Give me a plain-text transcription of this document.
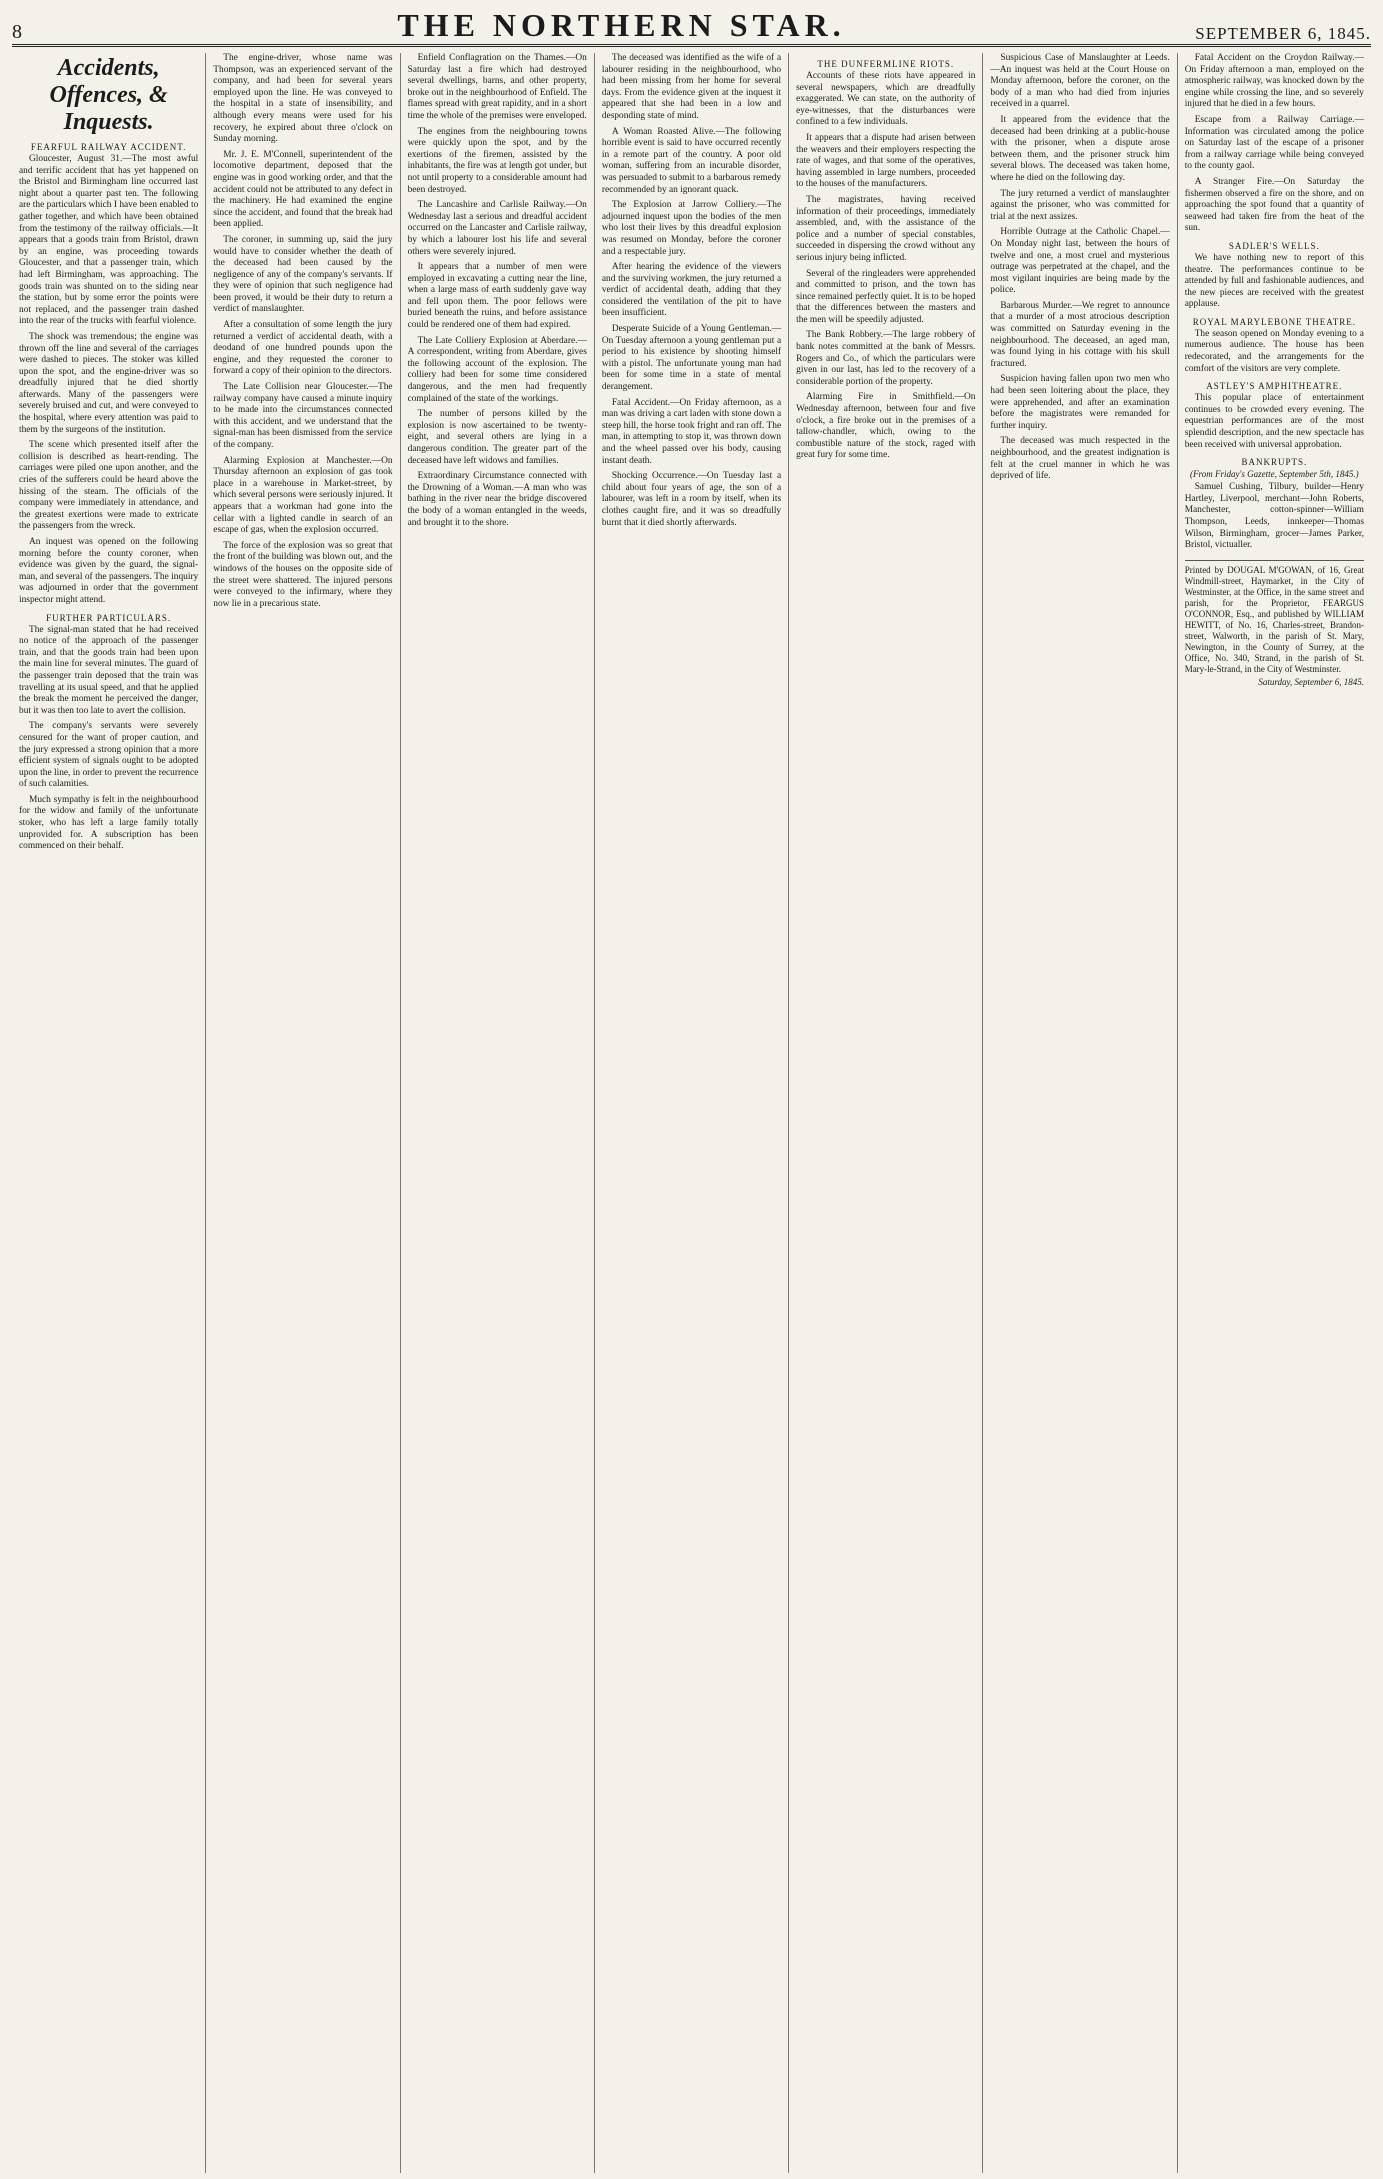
8	THE NORTHERN STAR.	SEPTEMBER 6, 1845.
Accidents, Offences, & Inquests.
FEARFUL RAILWAY ACCIDENT.

Gloucester, August 31.—The most awful and terrific accident that has yet happened on the Bristol and Birmingham line occurred last night about a quarter past ten. The following are the particulars which I have been enabled to gather together, and which have been obtained from the testimony of the railway officials.—It appears that a goods train from Bristol, drawn by an engine, was proceeding towards Gloucester, and that a passenger train, which had left Birmingham, was approaching. The goods train was shunted on to the siding near the station, but by some error the points were not replaced, and the passenger train dashed into the rear of the trucks with fearful violence.

The shock was tremendous; the engine was thrown off the line and several of the carriages were dashed to pieces. The stoker was killed upon the spot, and the engine-driver was so dreadfully injured that he died shortly afterwards. Many of the passengers were severely bruised and cut, and were conveyed to the hospital, where every attention was paid to them by the surgeons of the institution.

The scene which presented itself after the collision is described as heart-rending. The carriages were piled one upon another, and the cries of the sufferers could be heard above the hissing of the steam. The officials of the company were immediately in attendance, and the greatest exertions were made to extricate the passengers from the wreck.

An inquest was opened on the following morning before the county coroner, when evidence was given by the guard, the signal-man, and several of the passengers. The inquiry was adjourned in order that the government inspector might attend.

FURTHER PARTICULARS.

The signal-man stated that he had received no notice of the approach of the passenger train, and that the goods train had been upon the main line for several minutes. The guard of the passenger train deposed that the train was travelling at its usual speed, and that he applied the break the moment he perceived the danger, but it was then too late to avert the collision.

The company's servants were severely censured for the want of proper caution, and the jury expressed a strong opinion that a more efficient system of signals ought to be adopted upon the line, in order to prevent the recurrence of such calamities.

Much sympathy is felt in the neighbourhood for the widow and family of the unfortunate stoker, who has left a large family totally unprovided for. A subscription has been commenced on their behalf.

The engine-driver, whose name was Thompson, was an experienced servant of the company, and had been for several years employed upon the line. He was conveyed to the hospital in a state of insensibility, and although every means were used for his recovery, he expired about three o'clock on Sunday morning.

Mr. J. E. M'Connell, superintendent of the locomotive department, deposed that the engine was in good working order, and that the accident could not be attributed to any defect in the machinery. He had examined the engine since the accident, and found that the break had been applied.

The coroner, in summing up, said the jury would have to consider whether the death of the deceased had been caused by the negligence of any of the company's servants. If they were of opinion that such negligence had been proved, it would be their duty to return a verdict of manslaughter.

After a consultation of some length the jury returned a verdict of accidental death, with a deodand of one hundred pounds upon the engine, and they requested the coroner to forward a copy of their opinion to the directors.

The Late Collision near Gloucester.—The railway company have caused a minute inquiry to be made into the circumstances connected with this accident, and we understand that the signal-man has been dismissed from the service of the company.

Alarming Explosion at Manchester.—On Thursday afternoon an explosion of gas took place in a warehouse in Market-street, by which several persons were seriously injured. It appears that a workman had gone into the cellar with a lighted candle in search of an escape of gas, when the explosion occurred.

The force of the explosion was so great that the front of the building was blown out, and the windows of the houses on the opposite side of the street were shattered. The injured persons were conveyed to the infirmary, where they now lie in a precarious state.

Enfield Conflagration on the Thames.—On Saturday last a fire which had destroyed several dwellings, barns, and other property, broke out in the neighbourhood of Enfield. The flames spread with great rapidity, and in a short time the whole of the premises were enveloped.

The engines from the neighbouring towns were quickly upon the spot, and by the exertions of the firemen, assisted by the inhabitants, the fire was at length got under, but not until property to a considerable amount had been destroyed.

The Lancashire and Carlisle Railway.—On Wednesday last a serious and dreadful accident occurred on the Lancaster and Carlisle railway, by which a labourer lost his life and several others were severely injured.

It appears that a number of men were employed in excavating a cutting near the line, when a large mass of earth suddenly gave way and fell upon them. The poor fellows were buried beneath the ruins, and before assistance could be rendered one of them had expired.

The Late Colliery Explosion at Aberdare.—A correspondent, writing from Aberdare, gives the following account of the explosion. The colliery had been for some time considered dangerous, and the men had frequently complained of the state of the workings.

The number of persons killed by the explosion is now ascertained to be twenty-eight, and several others are lying in a dangerous condition. The greater part of the deceased have left widows and families.

Extraordinary Circumstance connected with the Drowning of a Woman.—A man who was bathing in the river near the bridge discovered the body of a woman entangled in the weeds, and brought it to the shore.

The deceased was identified as the wife of a labourer residing in the neighbourhood, who had been missing from her home for several days. From the evidence given at the inquest it appeared that she had been in a low and desponding state of mind.

A Woman Roasted Alive.—The following horrible event is said to have occurred recently in a remote part of the country. A poor old woman, suffering from an incurable disorder, was persuaded to submit to a barbarous remedy recommended by an ignorant quack.

The Explosion at Jarrow Colliery.—The adjourned inquest upon the bodies of the men who lost their lives by this dreadful explosion was resumed on Monday, before the coroner and a respectable jury.

After hearing the evidence of the viewers and the surviving workmen, the jury returned a verdict of accidental death, adding that they considered the ventilation of the pit to have been insufficient.

Desperate Suicide of a Young Gentleman.—On Tuesday afternoon a young gentleman put a period to his existence by shooting himself with a pistol. The unfortunate young man had been for some time in a state of mental derangement.

Fatal Accident.—On Friday afternoon, as a man was driving a cart laden with stone down a steep hill, the horse took fright and ran off. The man, in attempting to stop it, was thrown down and the wheel passed over his body, causing instant death.

Shocking Occurrence.—On Tuesday last a child about four years of age, the son of a labourer, was left in a room by itself, when its clothes caught fire, and it was so dreadfully burnt that it died shortly afterwards.

THE DUNFERMLINE RIOTS.

Accounts of these riots have appeared in several newspapers, which are dreadfully exaggerated. We can state, on the authority of eye-witnesses, that the disturbances were confined to a few individuals.

It appears that a dispute had arisen between the weavers and their employers respecting the rate of wages, and that some of the operatives, having assembled in large numbers, proceeded to the houses of the manufacturers.

The magistrates, having received information of their proceedings, immediately assembled, and, with the assistance of the police and a number of special constables, succeeded in dispersing the crowd without any serious injury being inflicted.

Several of the ringleaders were apprehended and committed to prison, and the town has since remained perfectly quiet. It is to be hoped that the differences between the masters and the men will be speedily adjusted.

The Bank Robbery.—The large robbery of bank notes committed at the bank of Messrs. Rogers and Co., of which the particulars were given in our last, has led to the recovery of a considerable portion of the property.

Alarming Fire in Smithfield.—On Wednesday afternoon, between four and five o'clock, a fire broke out in the premises of a tallow-chandler, which, owing to the combustible nature of the stock, raged with great fury for some time.

Suspicious Case of Manslaughter at Leeds.—An inquest was held at the Court House on Monday afternoon, before the coroner, on the body of a man who had died from injuries received in a quarrel.

It appeared from the evidence that the deceased had been drinking at a public-house with the prisoner, when a dispute arose between them, and the prisoner struck him several blows. The deceased was taken home, where he died on the following day.

The jury returned a verdict of manslaughter against the prisoner, who was committed for trial at the next assizes.

Horrible Outrage at the Catholic Chapel.—On Monday night last, between the hours of twelve and one, a most cruel and mysterious outrage was perpetrated at the chapel, and the most vigilant inquiries are being made by the police.

Barbarous Murder.—We regret to announce that a murder of a most atrocious description was committed on Saturday evening in the neighbourhood. The deceased, an aged man, was found lying in his cottage with his skull fractured.

Suspicion having fallen upon two men who had been seen loitering about the place, they were apprehended, and after an examination before the magistrates were remanded for further inquiry.

The deceased was much respected in the neighbourhood, and the greatest indignation is felt at the cruel manner in which he was deprived of life.

Fatal Accident on the Croydon Railway.—On Friday afternoon a man, employed on the atmospheric railway, was knocked down by the engine while crossing the line, and so severely injured that he died in a few hours.

Escape from a Railway Carriage.—Information was circulated among the police on Saturday last of the escape of a prisoner from a railway carriage while being conveyed to the county gaol.

A Stranger Fire.—On Saturday the fishermen observed a fire on the shore, and on approaching the spot found that a quantity of seaweed had taken fire from the heat of the sun.

SADLER'S WELLS.

We have nothing new to report of this theatre. The performances continue to be attended by full and fashionable audiences, and the new pieces are received with the greatest applause.

ROYAL MARYLEBONE THEATRE.

The season opened on Monday evening to a numerous audience. The house has been redecorated, and the arrangements for the comfort of the visitors are very complete.

ASTLEY'S AMPHITHEATRE.

This popular place of entertainment continues to be crowded every evening. The equestrian performances are of the most splendid description, and the new spectacle has been received with universal approbation.

BANKRUPTS.
(From Friday's Gazette, September 5th, 1845.)

Samuel Cushing, Tilbury, builder—Henry Hartley, Liverpool, merchant—John Roberts, Manchester, cotton-spinner—William Thompson, Leeds, innkeeper—Thomas Wilson, Birmingham, grocer—James Parker, Bristol, victualler.

Printed by DOUGAL M'GOWAN, of 16, Great Windmill-street, Haymarket, in the City of Westminster, at the Office, in the same street and parish, for the Proprietor, FEARGUS O'CONNOR, Esq., and published by WILLIAM HEWITT, of No. 16, Charles-street, Brandon-street, Walworth, in the parish of St. Mary, Newington, in the County of Surrey, at the Office, No. 340, Strand, in the parish of St. Mary-le-Strand, in the City of Westminster.
Saturday, September 6, 1845.
